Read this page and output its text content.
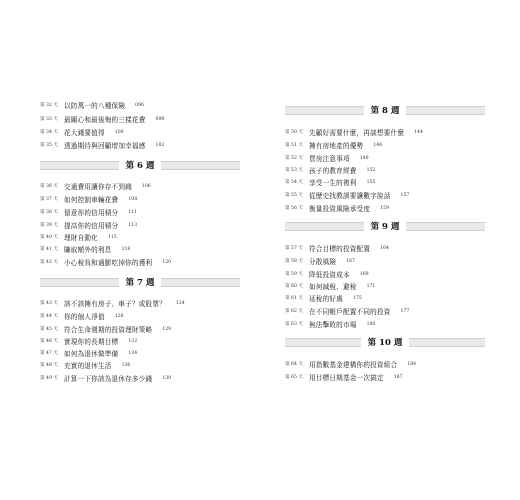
第 32 天 以防萬一的八種保險 096
第 33 天 最關心和最後悔的三樣花費 098
第 34 天 花大錢要值得 100
第 35 天 透過期待與回顧增加幸福感 102
第 6 週
第 36 天 交通費用讓你存不到錢 106
第 37 天 如何控制車輛花費 108
第 38 天 留意你的信用積分 111
第 39 天 提高你的信用積分 113
第 40 天 理財自動化 115
第 41 天 賺取額外的利息 118
第 42 天 小心稅負和通膨吃掉你的獲利 120
第 7 週
第 43 天 該不該擁有房子、車子？或股票？ 124
第 44 天 你的個人淨值 126
第 45 天 符合生命週期的投資理財策略 129
第 46 天 實現你的長期目標 132
第 47 天 如何為退休做準備 134
第 48 天 充實的退休生活 136
第 49 天 計算一下你該為退休存多少錢 139
第 8 週
第 50 天 先顧好需要什麼，再談想要什麼 144
第 51 天 擁有房地產的優勢 146
第 52 天 買房注意事項 149
第 53 天 孩子的教育經費 152
第 54 天 享受一生的複利 155
第 55 天 從歷史找教訓要讓數字說話 157
第 56 天 衡量投資風險承受度 159
第 9 週
第 57 天 符合目標的投資配置 164
第 58 天 分散風險 167
第 59 天 降低投資成本 169
第 60 天 如何減稅、避稅 171
第 61 天 延稅的好處 175
第 62 天 在不同帳戶配置不同的投資 177
第 63 天 無法擊敗的市場 180
第 10 週
第 64 天 用指數基金建構你的投資組合 184
第 65 天 用目標日期基金一次搞定 187
